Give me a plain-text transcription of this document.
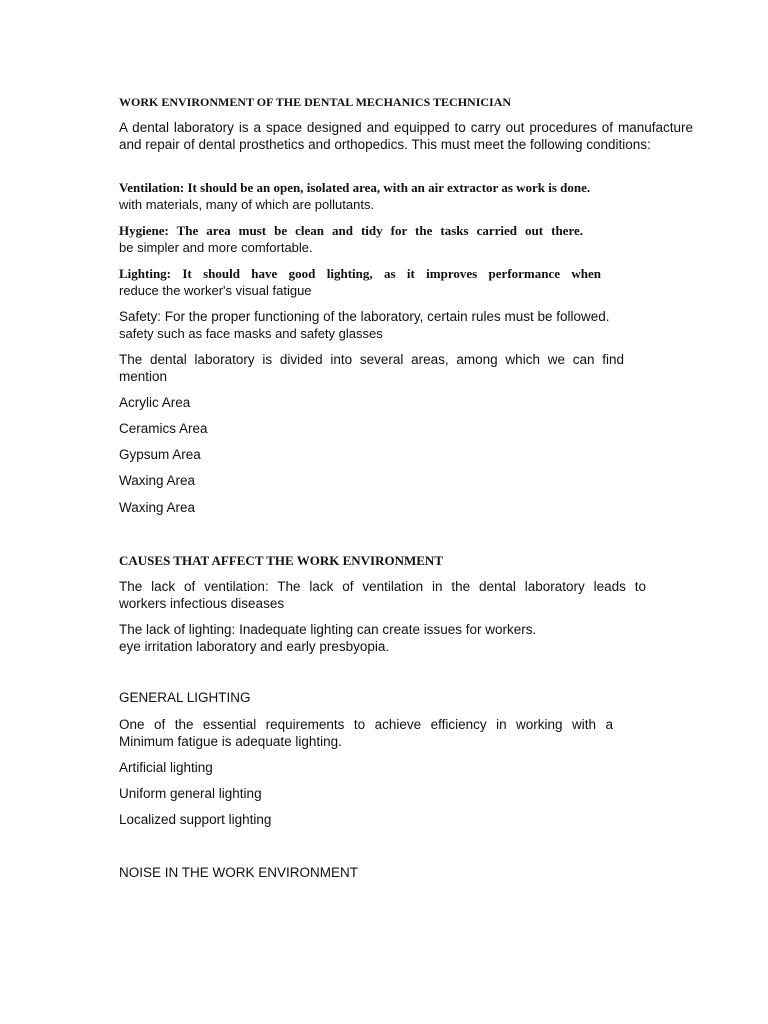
WORK ENVIRONMENT OF THE DENTAL MECHANICS TECHNICIAN

A dental laboratory is a space designed and equipped to carry out procedures of manufacture and repair of dental prosthetics and orthopedics. This must meet the following conditions:

Ventilation: It should be an open, isolated area, with an air extractor as work is done.
with materials, many of which are pollutants.
Hygiene: The area must be clean and tidy for the tasks carried out there.
be simpler and more comfortable.
Lighting: It should have good lighting, as it improves performance when
reduce the worker's visual fatigue
Safety: For the proper functioning of the laboratory, certain rules must be followed.
safety such as face masks and safety glasses
The dental laboratory is divided into several areas, among which we can find
mention
Acrylic Area
Ceramics Area
Gypsum Area
Waxing Area
Waxing Area
CAUSES THAT AFFECT THE WORK ENVIRONMENT
The lack of ventilation: The lack of ventilation in the dental laboratory leads to
workers infectious diseases
The lack of lighting: Inadequate lighting can create issues for workers.
eye irritation laboratory and early presbyopia.
GENERAL LIGHTING
One of the essential requirements to achieve efficiency in working with a
Minimum fatigue is adequate lighting.
Artificial lighting
Uniform general lighting
Localized support lighting
NOISE IN THE WORK ENVIRONMENT
